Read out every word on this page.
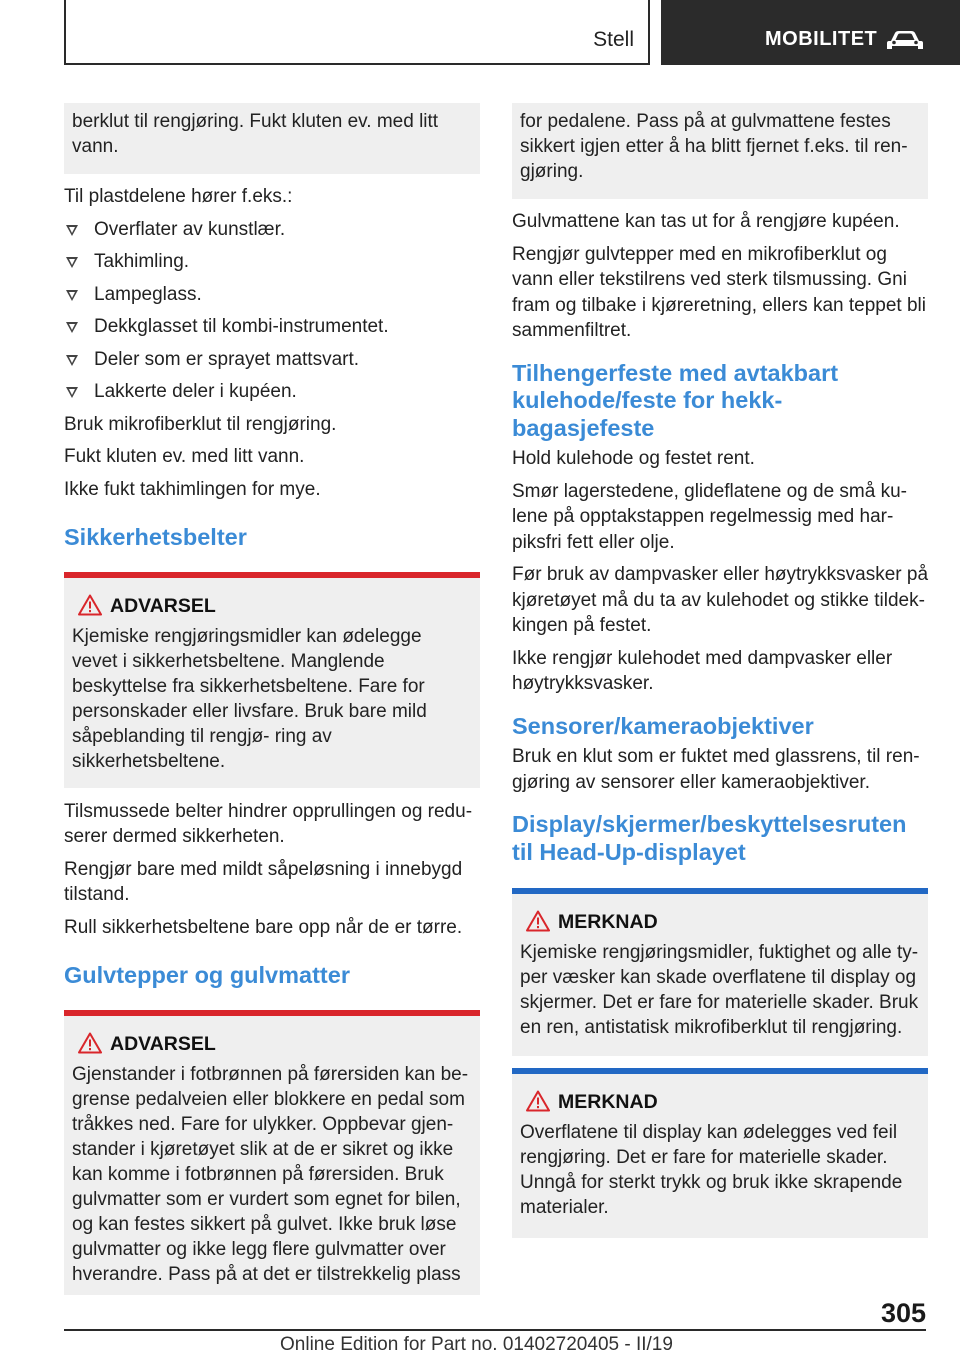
Stell	MOBILITET
berklut til rengjøring. Fukt kluten ev. med litt vann.

Til plastdelene hører f.eks.:

Overflater av kunstlær.
Takhimling.
Lampeglass.
Dekkglasset til kombi-instrumentet.
Deler som er sprayet mattsvart.
Lakkerte deler i kupéen.

Bruk mikrofiberklut til rengjøring.

Fukt kluten ev. med litt vann.

Ikke fukt takhimlingen for mye.

Sikkerhetsbelter
ADVARSEL

Kjemiske rengjøringsmidler kan ødelegge vevet i sikkerhetsbeltene. Manglende beskyttelse fra sikkerhetsbeltene. Fare for personskader eller livsfare. Bruk bare mild såpeblanding til rengjø- ring av sikkerhetsbeltene.

Tilsmussede belter hindrer opprullingen og redu- serer dermed sikkerheten.

Rengjør bare med mildt såpeløsning i innebygd tilstand.

Rull sikkerhetsbeltene bare opp når de er tørre.

Gulvtepper og gulvmatter
ADVARSEL

Gjenstander i fotbrønnen på førersiden kan be- grense pedalveien eller blokkere en pedal som tråkkes ned. Fare for ulykker. Oppbevar gjen- stander i kjøretøyet slik at de er sikret og ikke kan komme i fotbrønnen på førersiden. Bruk gulvmatter som er vurdert som egnet for bilen, og kan festes sikkert på gulvet. Ikke bruk løse gulvmatter og ikke legg flere gulvmatter over hverandre. Pass på at det er tilstrekkelig plass

for pedalene. Pass på at gulvmattene festes sikkert igjen etter å ha blitt fjernet f.eks. til ren- gjøring.

Gulvmattene kan tas ut for å rengjøre kupéen.

Rengjør gulvtepper med en mikrofiberklut og vann eller tekstilrens ved sterk tilsmussing. Gni fram og tilbake i kjøreretning, ellers kan teppet bli sammenfiltret.

Tilhengerfeste med avtakbart kulehode/feste for hekk- bagasjefeste

Hold kulehode og festet rent.

Smør lagerstedene, glideflatene og de små ku- lene på opptakstappen regelmessig med har- piksfri fett eller olje.

Før bruk av dampvasker eller høytrykksvasker på kjøretøyet må du ta av kulehodet og stikke tildek- kingen på festet.

Ikke rengjør kulehodet med dampvasker eller høytrykksvasker.

Sensorer/kameraobjektiver

Bruk en klut som er fuktet med glassrens, til ren- gjøring av sensorer eller kameraobjektiver.

Display/skjermer/beskyttelsesruten til Head-Up-displayet
MERKNAD

Kjemiske rengjøringsmidler, fuktighet og alle ty- per væsker kan skade overflatene til display og skjermer. Det er fare for materielle skader. Bruk en ren, antistatisk mikrofiberklut til rengjøring.

MERKNAD

Overflatene til display kan ødelegges ved feil rengjøring. Det er fare for materielle skader. Unngå for sterkt trykk og bruk ikke skrapende materialer.

305
Online Edition for Part no. 01402720405 - II/19
